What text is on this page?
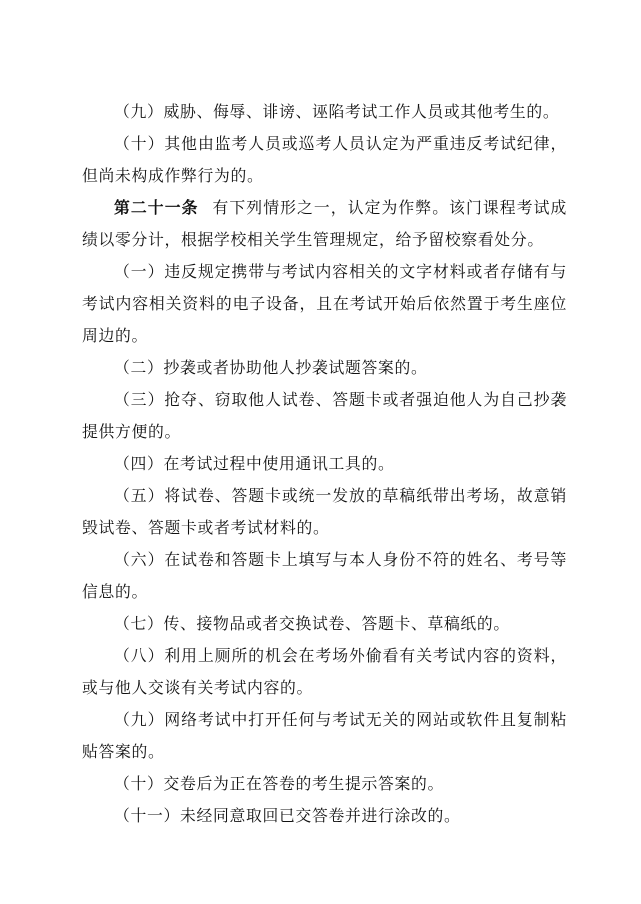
（九）威胁、侮辱、诽谤、诬陷考试工作人员或其他考生的。

（十）其他由监考人员或巡考人员认定为严重违反考试纪律，但尚未构成作弊行为的。

第二十一条 有下列情形之一，认定为作弊。该门课程考试成绩以零分计，根据学校相关学生管理规定，给予留校察看处分。

（一）违反规定携带与考试内容相关的文字材料或者存储有与考试内容相关资料的电子设备，且在考试开始后依然置于考生座位周边的。

（二）抄袭或者协助他人抄袭试题答案的。

（三）抢夺、窃取他人试卷、答题卡或者强迫他人为自己抄袭提供方便的。

（四）在考试过程中使用通讯工具的。

（五）将试卷、答题卡或统一发放的草稿纸带出考场，故意销毁试卷、答题卡或者考试材料的。

（六）在试卷和答题卡上填写与本人身份不符的姓名、考号等信息的。

（七）传、接物品或者交换试卷、答题卡、草稿纸的。

（八）利用上厕所的机会在考场外偷看有关考试内容的资料，或与他人交谈有关考试内容的。

（九）网络考试中打开任何与考试无关的网站或软件且复制粘贴答案的。

（十）交卷后为正在答卷的考生提示答案的。

（十一）未经同意取回已交答卷并进行涂改的。
